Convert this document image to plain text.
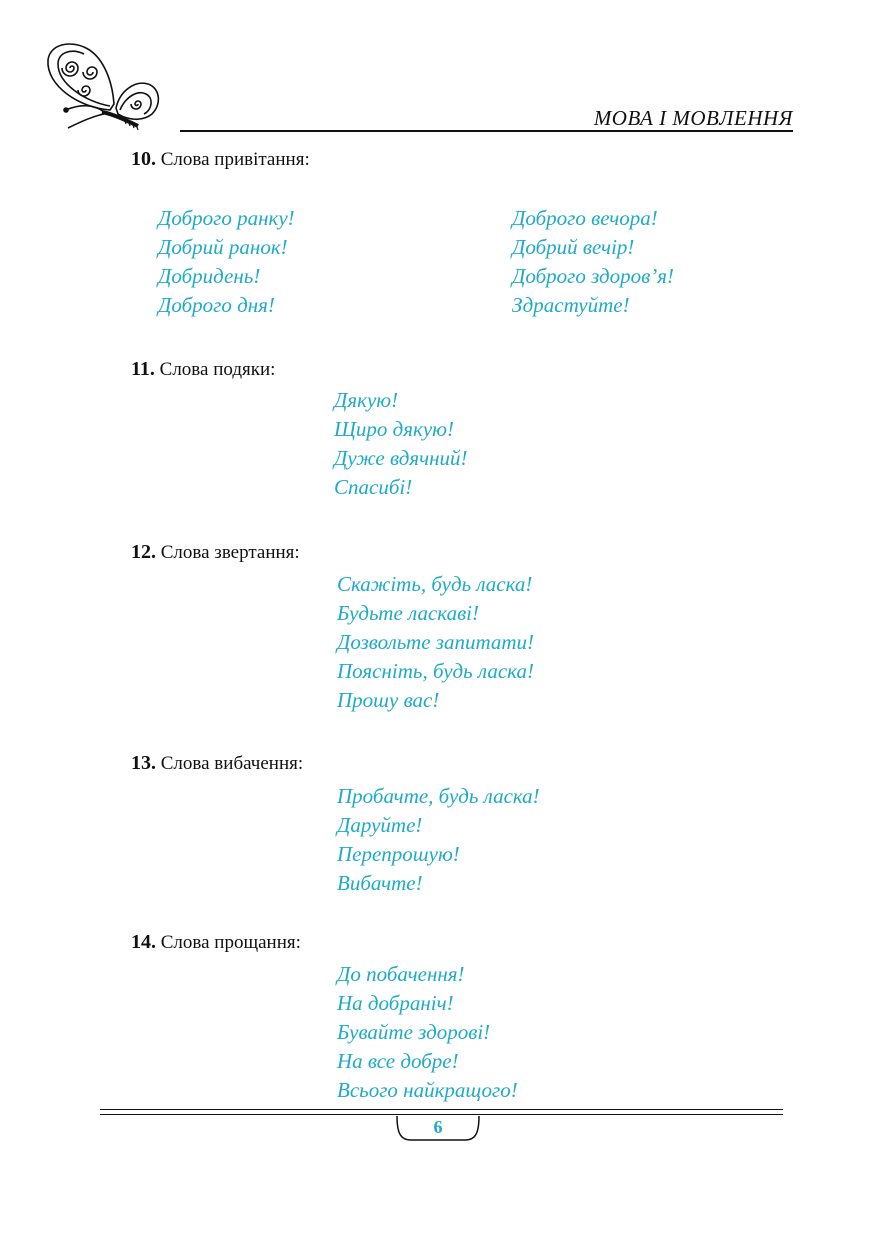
МОВА І МОВЛЕННЯ
10. Слова привітання:
Доброго ранку!
Добрий ранок!
Добридень!
Доброго дня!
Доброго вечора!
Добрий вечір!
Доброго здоров’я!
Здрастуйте!
11. Слова подяки:
Дякую!
Щиро дякую!
Дуже вдячний!
Спасибі!
12. Слова звертання:
Скажіть, будь ласка!
Будьте ласкаві!
Дозвольте запитати!
Поясніть, будь ласка!
Прошу вас!
13. Слова вибачення:
Пробачте, будь ласка!
Даруйте!
Перепрошую!
Вибачте!
14. Слова прощання:
До побачення!
На добраніч!
Бувайте здорові!
На все добре!
Всього найкращого!
6
